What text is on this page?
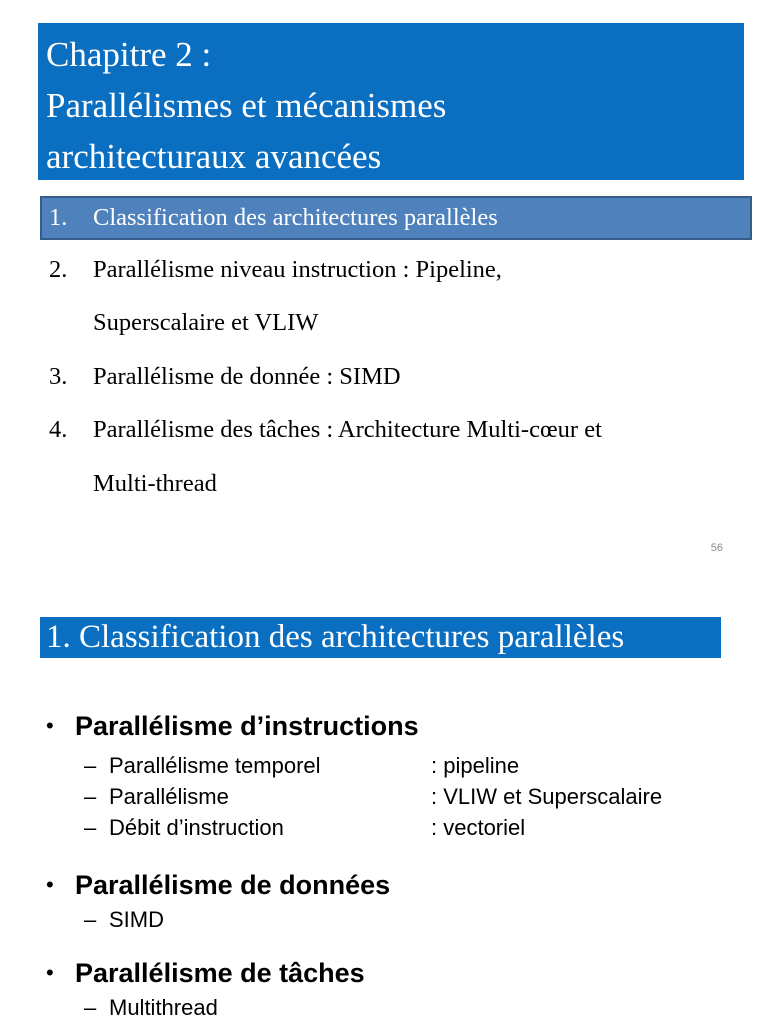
Chapitre 2 :
Parallélismes et mécanismes
architecturaux avancées
1. Classification des architectures parallèles
2. Parallélisme niveau instruction : Pipeline,
Superscalaire et VLIW
3. Parallélisme de donnée : SIMD
4. Parallélisme des tâches : Architecture Multi-cœur et
Multi-thread
56
1. Classification des architectures parallèles
• Parallélisme d’instructions
– Parallélisme temporel	: pipeline
– Parallélisme	: VLIW et Superscalaire
– Débit d’instruction	: vectoriel
• Parallélisme de données
– SIMD
• Parallélisme de tâches
– Multithread
